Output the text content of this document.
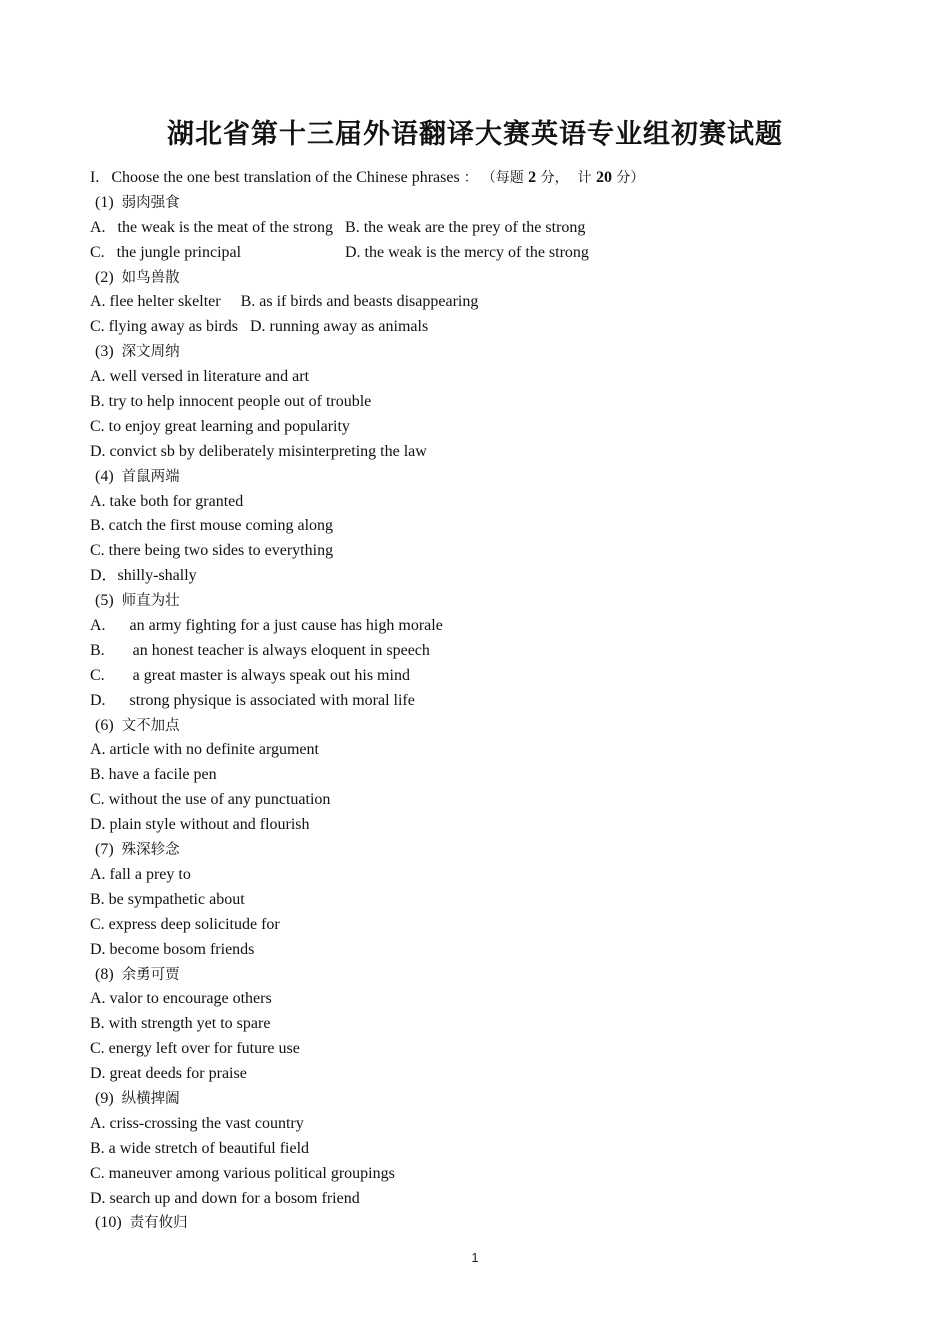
湖北省第十三届外语翻译大赛英语专业组初赛试题
I.   Choose the one best translation of the Chinese phrases ： （每题 2 分，  计 20 分）
(1) 弱肉强食
A.   the weak is the meat of the strong B. the weak are the prey of the strong
C.   the jungle principal	D. the weak is the mercy of the strong
(2) 如鸟兽散
A. flee helter skelter B. as if birds and beasts disappearing
C. flying away as birds D. running away as animals
(3) 深文周纳
A. well versed in literature and art
B. try to help innocent people out of trouble
C. to enjoy great learning and popularity
D. convict sb by deliberately misinterpreting the law
(4) 首鼠两端
A. take both for granted
B. catch the first mouse coming along
C. there being two sides to everything
D．shilly-shally
(5) 师直为壮
A.      an army fighting for a just cause has high morale
B.       an honest teacher is always eloquent in speech
C.       a great master is always speak out his mind
D.      strong physique is associated with moral life
(6) 文不加点
A. article with no definite argument
B. have a facile pen
C. without the use of any punctuation
D. plain style without and flourish
(7) 殊深轸念
A. fall a prey to
B. be sympathetic about
C. express deep solicitude for
D. become bosom friends
(8) 余勇可贾
A. valor to encourage others
B. with strength yet to spare
C. energy left over for future use
D. great deeds for praise
(9) 纵横捭阖
A. criss-crossing the vast country
B. a wide stretch of beautiful field
C. maneuver among various political groupings
D. search up and down for a bosom friend
(10) 责有攸归
1
